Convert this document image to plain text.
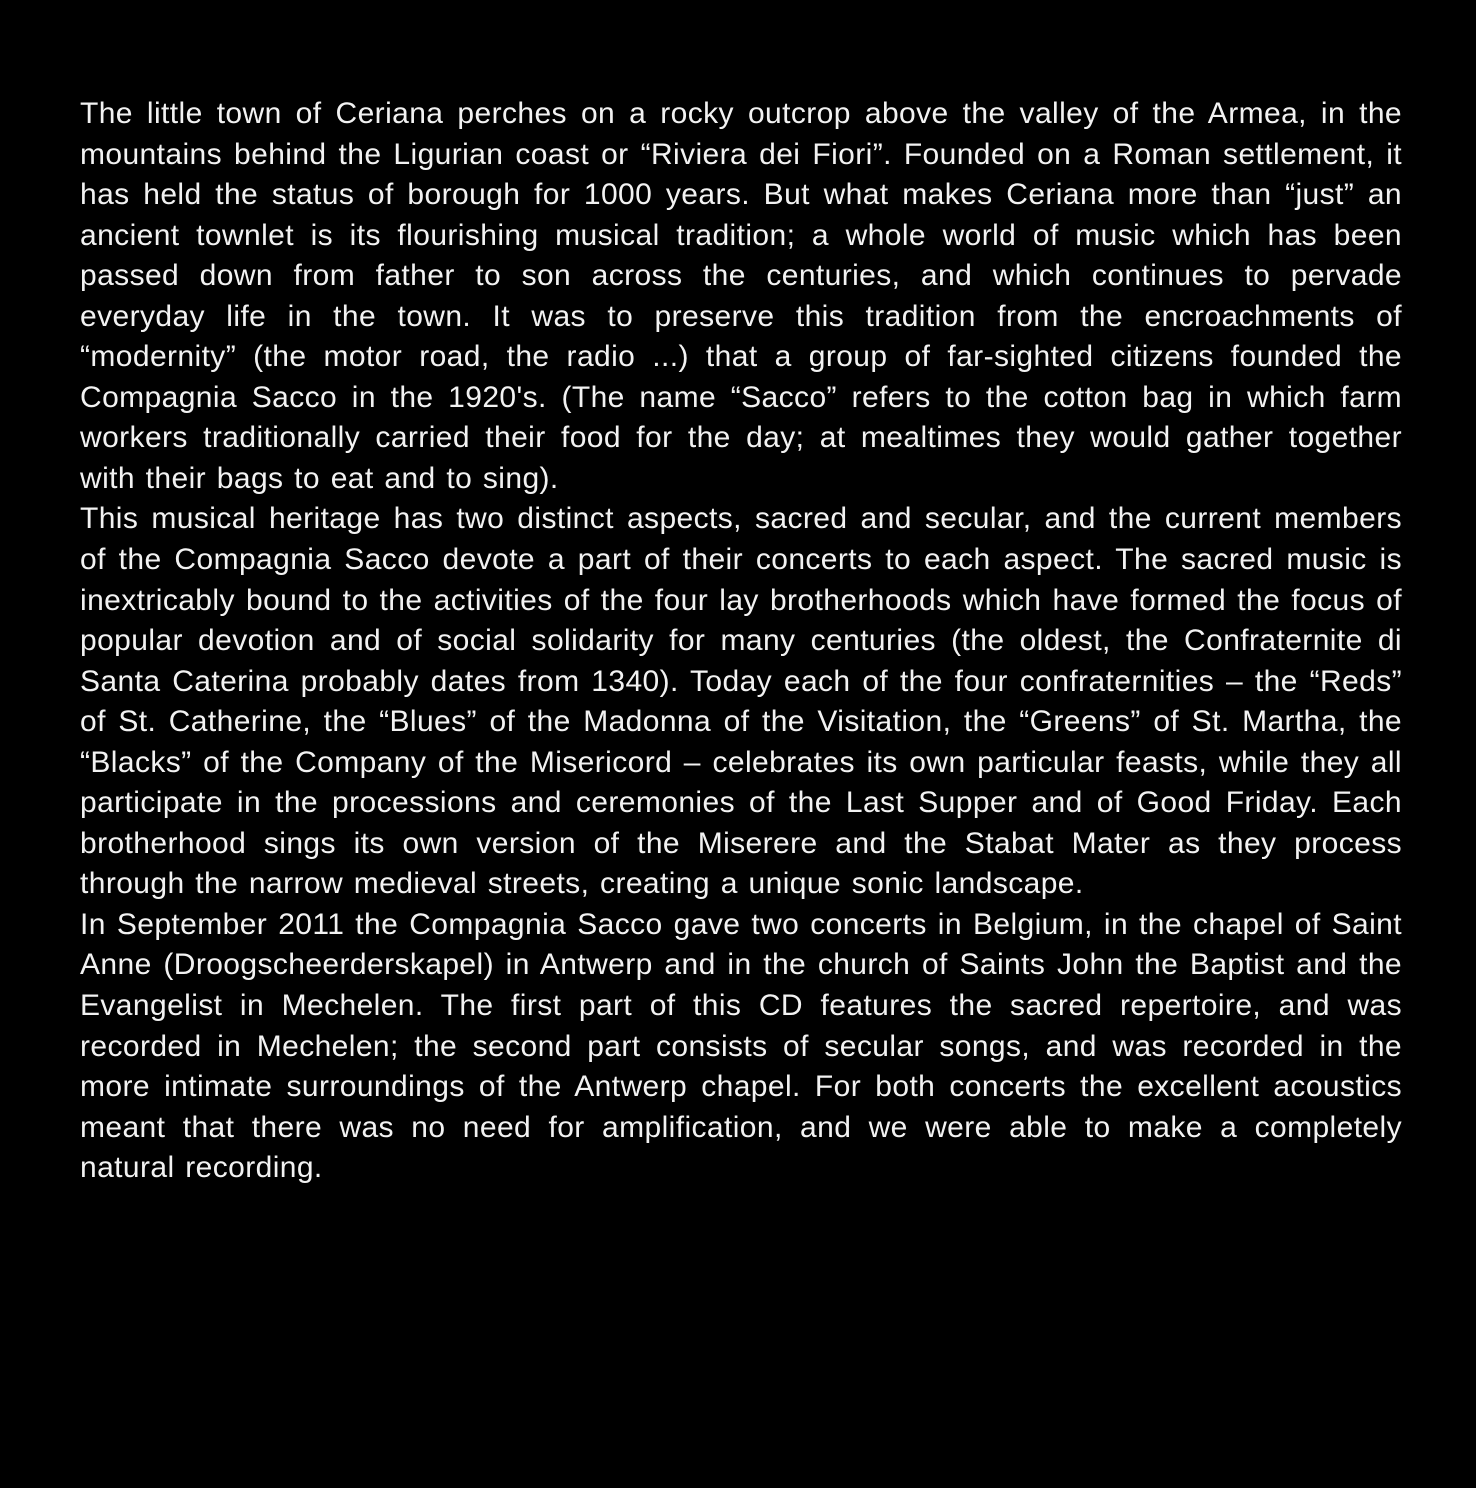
The little town of Ceriana perches on a rocky outcrop above the valley of the Armea, in the mountains behind the Ligurian coast or “Riviera dei Fiori”. Founded on a Roman settlement, it has held the status of borough for 1000 years. But what makes Ceriana more than “just” an ancient townlet is its flourishing musical tradition; a whole world of music which has been passed down from father to son across the centuries, and which continues to pervade everyday life in the town. It was to preserve this tradition from the encroachments of “modernity” (the motor road, the radio ...) that a group of far-sighted citizens founded the Compagnia Sacco in the 1920's. (The name “Sacco” refers to the cotton bag in which farm workers traditionally carried their food for the day; at mealtimes they would gather together with their bags to eat and to sing).

This musical heritage has two distinct aspects, sacred and secular, and the current members of the Compagnia Sacco devote a part of their concerts to each aspect. The sacred music is inextricably bound to the activities of the four lay brotherhoods which have formed the focus of popular devotion and of social solidarity for many centuries (the oldest, the Confraternite di Santa Caterina probably dates from 1340). Today each of the four confraternities – the “Reds” of St. Catherine, the “Blues” of the Madonna of the Visitation, the “Greens” of St. Martha, the “Blacks” of the Company of the Misericord – celebrates its own particular feasts, while they all participate in the processions and ceremonies of the Last Supper and of Good Friday. Each brotherhood sings its own version of the Miserere and the Stabat Mater as they process through the narrow medieval streets, creating a unique sonic landscape.

In September 2011 the Compagnia Sacco gave two concerts in Belgium, in the chapel of Saint Anne (Droogscheerderskapel) in Antwerp and in the church of Saints John the Baptist and the Evangelist in Mechelen. The first part of this CD features the sacred repertoire, and was recorded in Mechelen; the second part consists of secular songs, and was recorded in the more intimate surroundings of the Antwerp chapel. For both concerts the excellent acoustics meant that there was no need for amplification, and we were able to make a completely natural recording.
